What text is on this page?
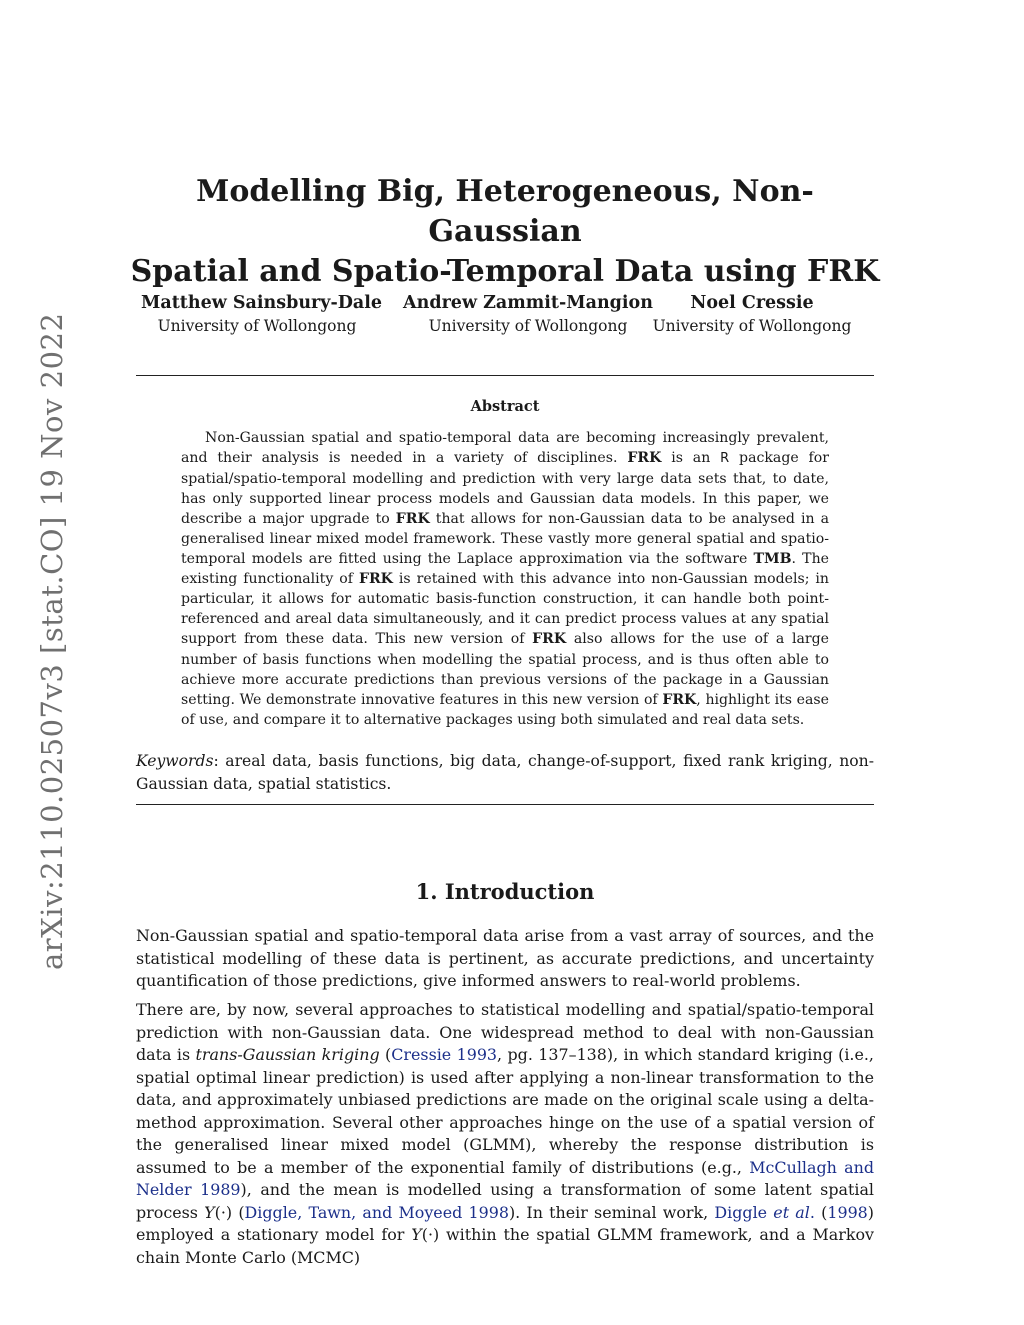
arXiv:2110.02507v3 [stat.CO] 19 Nov 2022
Modelling Big, Heterogeneous, Non-Gaussian
Spatial and Spatio-Temporal Data using FRK
Matthew Sainsbury-Dale
University of Wollongong
Andrew Zammit-Mangion
University of Wollongong
Noel Cressie
University of Wollongong
Abstract
Non-Gaussian spatial and spatio-temporal data are becoming increasingly prevalent, and their analysis is needed in a variety of disciplines. FRK is an R package for spatial/spatio-temporal modelling and prediction with very large data sets that, to date, has only supported linear process models and Gaussian data models. In this paper, we describe a major upgrade to FRK that allows for non-Gaussian data to be analysed in a generalised linear mixed model framework. These vastly more general spatial and spatio-temporal models are fitted using the Laplace approximation via the software TMB. The existing functionality of FRK is retained with this advance into non-Gaussian models; in particular, it allows for automatic basis-function construction, it can handle both point-referenced and areal data simultaneously, and it can predict process values at any spatial support from these data. This new version of FRK also allows for the use of a large number of basis functions when modelling the spatial process, and is thus often able to achieve more accurate predictions than previous versions of the package in a Gaussian setting. We demonstrate innovative features in this new version of FRK, highlight its ease of use, and compare it to alternative packages using both simulated and real data sets.
Keywords: areal data, basis functions, big data, change-of-support, fixed rank kriging, non-Gaussian data, spatial statistics.
1. Introduction
Non-Gaussian spatial and spatio-temporal data arise from a vast array of sources, and the statistical modelling of these data is pertinent, as accurate predictions, and uncertainty quantification of those predictions, give informed answers to real-world problems.
There are, by now, several approaches to statistical modelling and spatial/spatio-temporal prediction with non-Gaussian data. One widespread method to deal with non-Gaussian data is trans-Gaussian kriging (Cressie 1993, pg. 137–138), in which standard kriging (i.e., spatial optimal linear prediction) is used after applying a non-linear transformation to the data, and approximately unbiased predictions are made on the original scale using a delta-method approximation. Several other approaches hinge on the use of a spatial version of the generalised linear mixed model (GLMM), whereby the response distribution is assumed to be a member of the exponential family of distributions (e.g., McCullagh and Nelder 1989), and the mean is modelled using a transformation of some latent spatial process Y(·) (Diggle, Tawn, and Moyeed 1998). In their seminal work, Diggle et al. (1998) employed a stationary model for Y(·) within the spatial GLMM framework, and a Markov chain Monte Carlo (MCMC)
